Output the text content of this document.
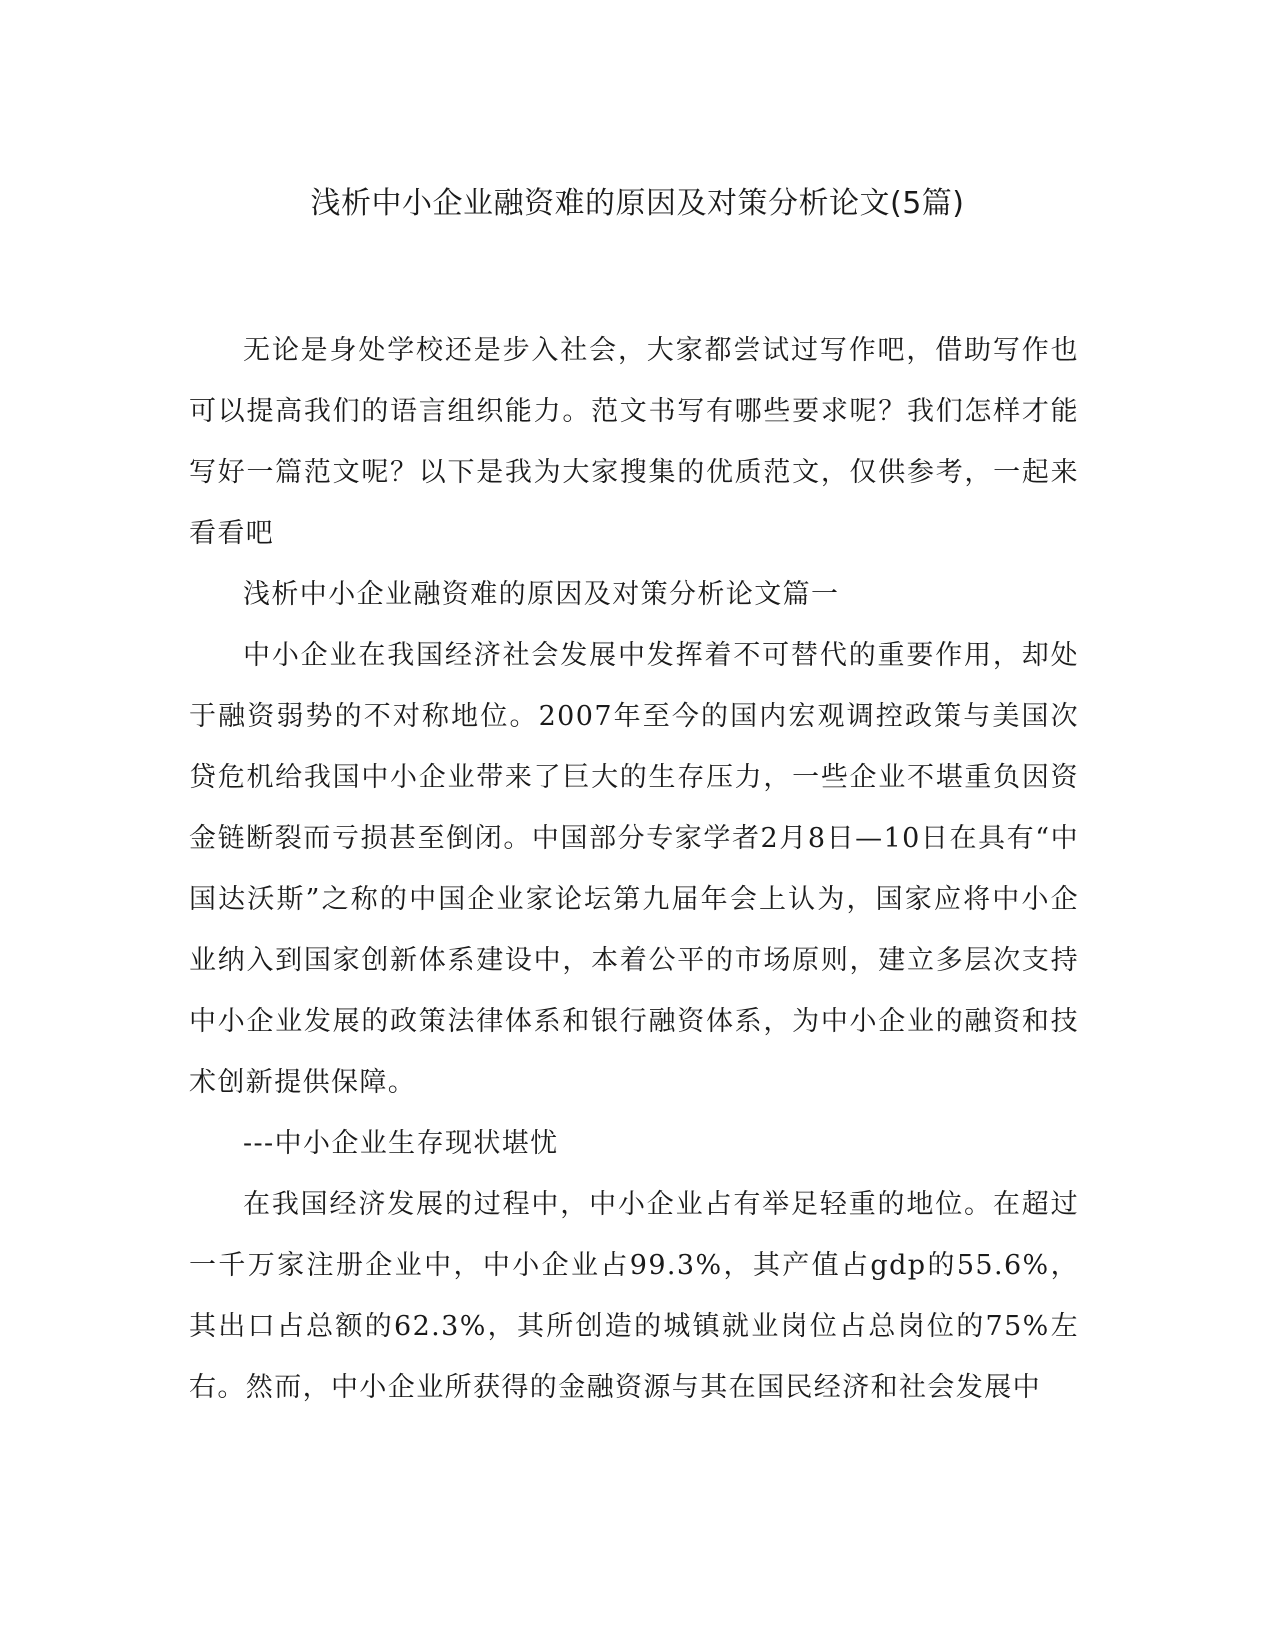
浅析中小企业融资难的原因及对策分析论文(5篇)

无论是身处学校还是步入社会，大家都尝试过写作吧，借助写作也可以提高我们的语言组织能力。范文书写有哪些要求呢？我们怎样才能写好一篇范文呢？以下是我为大家搜集的优质范文，仅供参考，一起来看看吧

浅析中小企业融资难的原因及对策分析论文篇一

中小企业在我国经济社会发展中发挥着不可替代的重要作用，却处于融资弱势的不对称地位。2007年至今的国内宏观调控政策与美国次贷危机给我国中小企业带来了巨大的生存压力，一些企业不堪重负因资金链断裂而亏损甚至倒闭。中国部分专家学者2月8日—10日在具有“中国达沃斯”之称的中国企业家论坛第九届年会上认为，国家应将中小企业纳入到国家创新体系建设中，本着公平的市场原则，建立多层次支持中小企业发展的政策法律体系和银行融资体系，为中小企业的融资和技术创新提供保障。

---中小企业生存现状堪忧

在我国经济发展的过程中，中小企业占有举足轻重的地位。在超过一千万家注册企业中，中小企业占99.3%，其产值占gdp的55.6%，其出口占总额的62.3%，其所创造的城镇就业岗位占总岗位的75%左右。然而，中小企业所获得的金融资源与其在国民经济和社会发展中
